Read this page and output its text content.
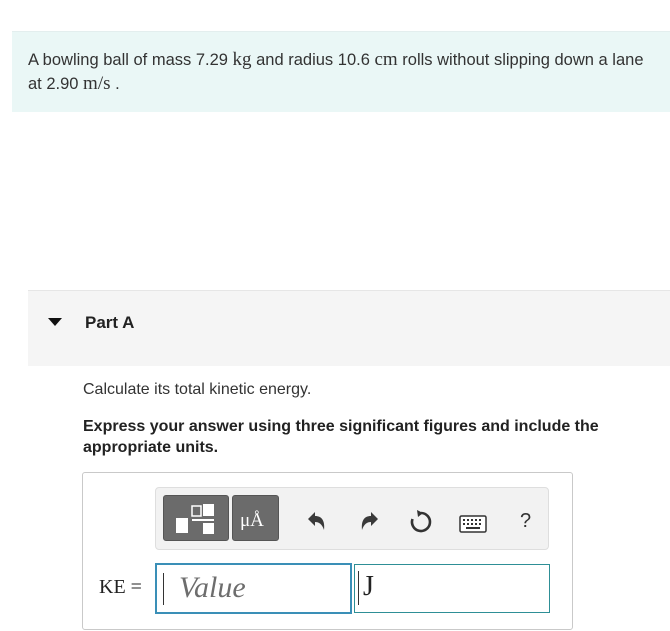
A bowling ball of mass 7.29 kg and radius 10.6 cm rolls without slipping down a lane at 2.90 m/s .
Part A
Calculate its total kinetic energy.
Express your answer using three significant figures and include the appropriate units.
μÅ	?
KE =	Value	J
